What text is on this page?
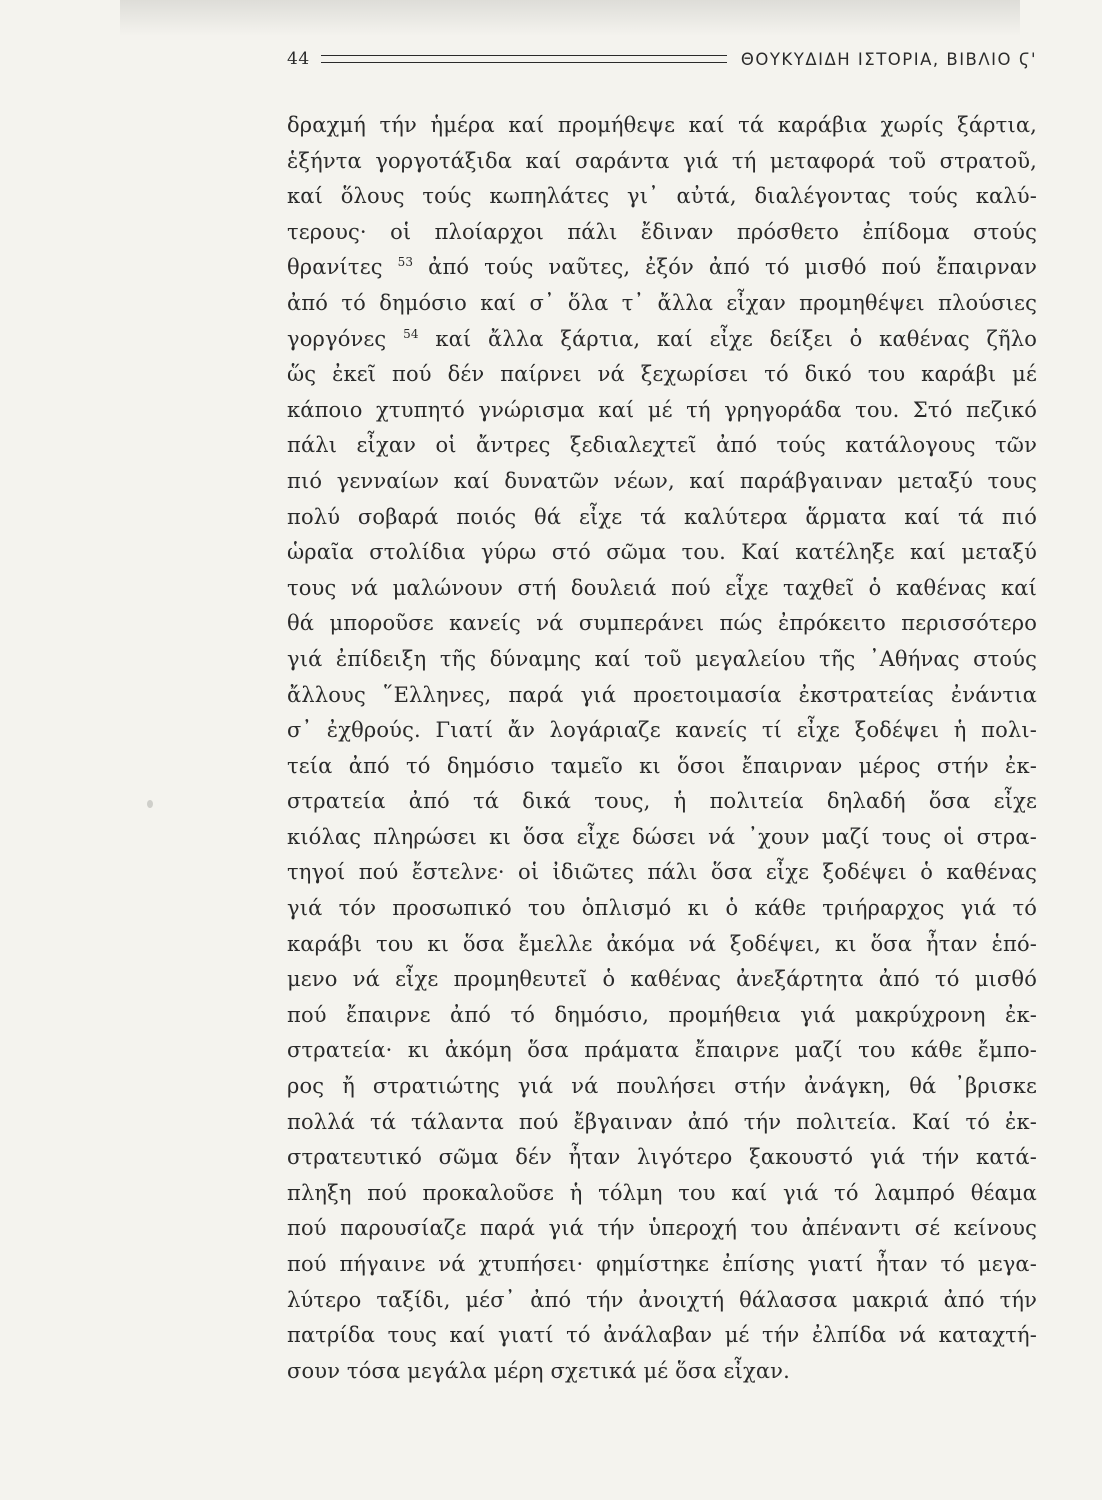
44	ΘΟΥΚΥΔΙΔΗ ΙΣΤΟΡΙΑ, ΒΙΒΛΙΟ Ϛ'
δραχμή τήν ἡμέρα καί προμήθεψε καί τά καράβια χωρίς ξάρτια,
ἑξήντα γοργοτάξιδα καί σαράντα γιά τή μεταφορά τοῦ στρατοῦ,
καί ὅλους τούς κωπηλάτες γι᾿ αὐτά, διαλέγοντας τούς καλύ-
τερους· οἱ πλοίαρχοι πάλι ἔδιναν πρόσθετο ἐπίδομα στούς
θρανίτες $^{53}$ ἀπό τούς ναῦτες, ἐξόν ἀπό τό μισθό πού ἔπαιρναν
ἀπό τό δημόσιο καί σ᾿ ὅλα τ᾿ ἄλλα εἶχαν προμηθέψει πλούσιες
γοργόνες $^{54}$ καί ἄλλα ξάρτια, καί εἶχε δείξει ὁ καθένας ζῆλο
ὥς ἐκεῖ πού δέν παίρνει νά ξεχωρίσει τό δικό του καράβι μέ
κάποιο χτυπητό γνώρισμα καί μέ τή γρηγοράδα του. Στό πεζικό
πάλι εἶχαν οἱ ἄντρες ξεδιαλεχτεῖ ἀπό τούς κατάλογους τῶν
πιό γενναίων καί δυνατῶν νέων, καί παράβγαιναν μεταξύ τους
πολύ σοβαρά ποιός θά εἶχε τά καλύτερα ἅρματα καί τά πιό
ὡραῖα στολίδια γύρω στό σῶμα του. Καί κατέληξε καί μεταξύ
τους νά μαλώνουν στή δουλειά πού εἶχε ταχθεῖ ὁ καθένας καί
θά μποροῦσε κανείς νά συμπεράνει πώς ἐπρόκειτο περισσότερο
γιά ἐπίδειξη τῆς δύναμης καί τοῦ μεγαλείου τῆς ᾿Αθήνας στούς
ἄλλους ῞Ελληνες, παρά γιά προετοιμασία ἐκστρατείας ἐνάντια
σ᾿ ἐχθρούς. Γιατί ἄν λογάριαζε κανείς τί εἶχε ξοδέψει ἡ πολι-
τεία ἀπό τό δημόσιο ταμεῖο κι ὅσοι ἔπαιρναν μέρος στήν ἐκ-
στρατεία ἀπό τά δικά τους, ἡ πολιτεία δηλαδή ὅσα εἶχε
κιόλας πληρώσει κι ὅσα εἶχε δώσει νά ᾿χουν μαζί τους οἱ στρα-
τηγοί πού ἔστελνε· οἱ ἰδιῶτες πάλι ὅσα εἶχε ξοδέψει ὁ καθένας
γιά τόν προσωπικό του ὁπλισμό κι ὁ κάθε τριήραρχος γιά τό
καράβι του κι ὅσα ἔμελλε ἀκόμα νά ξοδέψει, κι ὅσα ἦταν ἑπό-
μενο νά εἶχε προμηθευτεῖ ὁ καθένας ἀνεξάρτητα ἀπό τό μισθό
πού ἔπαιρνε ἀπό τό δημόσιο, προμήθεια γιά μακρύχρονη ἐκ-
στρατεία· κι ἀκόμη ὅσα πράματα ἔπαιρνε μαζί του κάθε ἔμπο-
ρος ἤ στρατιώτης γιά νά πουλήσει στήν ἀνάγκη, θά ᾿βρισκε
πολλά τά τάλαντα πού ἔβγαιναν ἀπό τήν πολιτεία. Καί τό ἐκ-
στρατευτικό σῶμα δέν ἦταν λιγότερο ξακουστό γιά τήν κατά-
πληξη πού προκαλοῦσε ἡ τόλμη του καί γιά τό λαμπρό θέαμα
πού παρουσίαζε παρά γιά τήν ὑπεροχή του ἀπέναντι σέ κείνους
πού πήγαινε νά χτυπήσει· φημίστηκε ἐπίσης γιατί ἦταν τό μεγα-
λύτερο ταξίδι, μέσ᾿ ἀπό τήν ἀνοιχτή θάλασσα μακριά ἀπό τήν
πατρίδα τους καί γιατί τό ἀνάλαβαν μέ τήν ἐλπίδα νά καταχτή-
σουν τόσα μεγάλα μέρη σχετικά μέ ὅσα εἶχαν.
